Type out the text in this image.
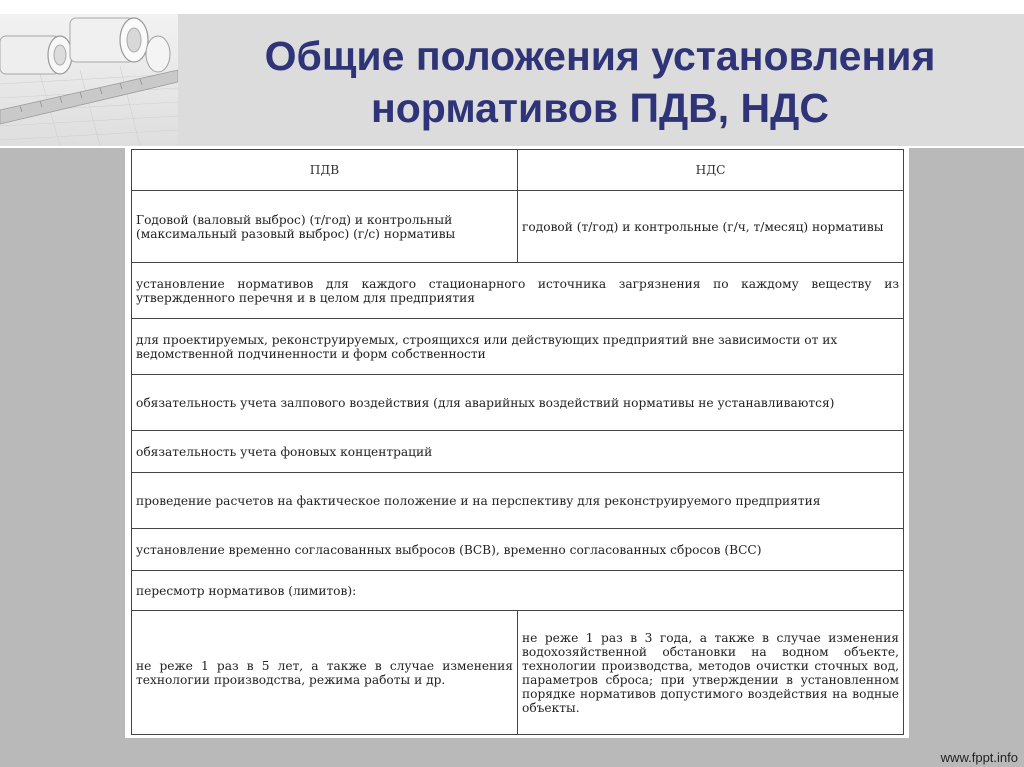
Общие положения установления нормативов ПДВ, НДС
ПДВ	НДС
Годовой (валовый выброс) (т/год) и контрольный (максимальный разовый выброс) (г/с) нормативы	годовой (т/год) и контрольные (г/ч, т/месяц) нормативы
установление нормативов для каждого стационарного источника загрязнения по каждому веществу из утвержденного перечня и в целом для предприятия	
для проектируемых, реконструируемых, строящихся или действующих предприятий вне зависимости от их ведомственной подчиненности и форм собственности	
обязательность учета залпового воздействия (для аварийных воздействий нормативы не устанавливаются)	
обязательность учета фоновых концентраций	
проведение расчетов на фактическое положение и на перспективу для реконструируемого предприятия	
установление временно согласованных выбросов (ВСВ), временно согласованных сбросов (ВСС)	
пересмотр нормативов (лимитов):	
не реже 1 раз в 5 лет, а также в случае изменения технологии производства, режима работы и др.	не реже 1 раз в 3 года, а также в случае изменения водохозяйственной обстановки на водном объекте, технологии производства, методов очистки сточных вод, параметров сброса; при утверждении в установленном порядке нормативов допустимого воздействия на водные объекты.
www.fppt.info
